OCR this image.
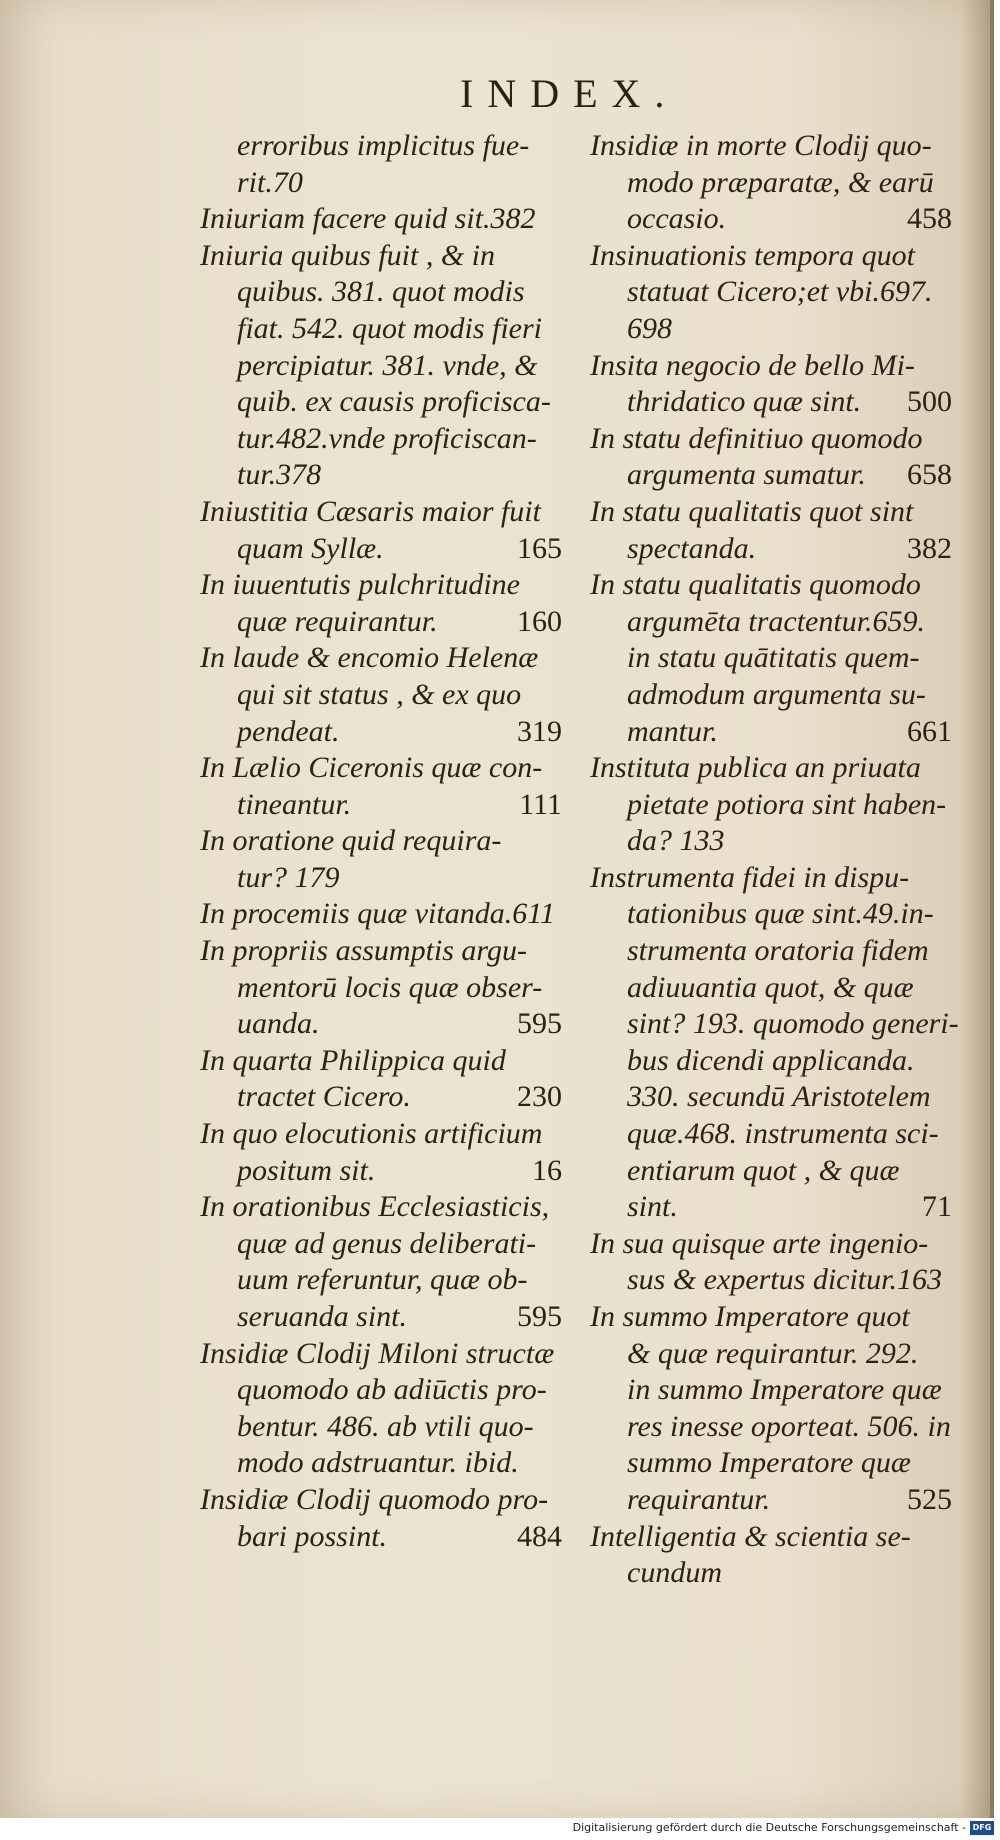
INDEX.
erroribus implicitus fue-
rit.70
Iniuriam facere quid sit.382
Iniuria quibus fuit , & in
quibus. 381. quot modis
fiat. 542. quot modis fieri
percipiatur. 381. vnde, &
quib. ex causis proficisca-
tur.482.vnde proficiscan-
tur.378
Iniustitia Cæsaris maior fuit
quam Syllæ.	165
In iuuentutis pulchritudine
quæ requirantur.	160
In laude & encomio Helenæ
qui sit status , & ex quo
pendeat.	319
In Lælio Ciceronis quæ con-
tineantur.	111
In oratione quid requira-
tur? 179
In procemiis quæ vitanda.611
In propriis assumptis argu-
mentorū locis quæ obser-
uanda.	595
In quarta Philippica quid
tractet Cicero.	230
In quo elocutionis artificium
positum sit.	16
In orationibus Ecclesiasticis,
quæ ad genus deliberati-
uum referuntur, quæ ob-
seruanda sint.	595
Insidiæ Clodij Miloni structæ
quomodo ab adiūctis pro-
bentur. 486. ab vtili quo-
modo adstruantur. ibid.
Insidiæ Clodij quomodo pro-
bari possint.	484
Insidiæ in morte Clodij quo-
modo præparatæ, & earū
occasio.	458
Insinuationis tempora quot
statuat Cicero;et vbi.697.
698
Insita negocio de bello Mi-
thridatico quæ sint. 500
In statu definitiuo quomodo
argumenta sumatur. 658
In statu qualitatis quot sint
spectanda.	382
In statu qualitatis quomodo
argumēta tractentur.659.
in statu quātitatis quem-
admodum argumenta su-
mantur.	661
Instituta publica an priuata
pietate potiora sint haben-
da? 133
Instrumenta fidei in dispu-
tationibus quæ sint.49.in-
strumenta oratoria fidem
adiuuantia quot, & quæ
sint? 193. quomodo generi-
bus dicendi applicanda.
330. secundū Aristotelem
quæ.468. instrumenta sci-
entiarum quot , & quæ
sint.	71
In sua quisque arte ingenio-
sus & expertus dicitur.163
In summo Imperatore quot
& quæ requirantur. 292.
in summo Imperatore quæ
res inesse oporteat. 506. in
summo Imperatore quæ
requirantur.	525
Intelligentia & scientia se-
cundum
Digitalisierung gefördert durch die Deutsche Forschungsgemeinschaft - DFG
